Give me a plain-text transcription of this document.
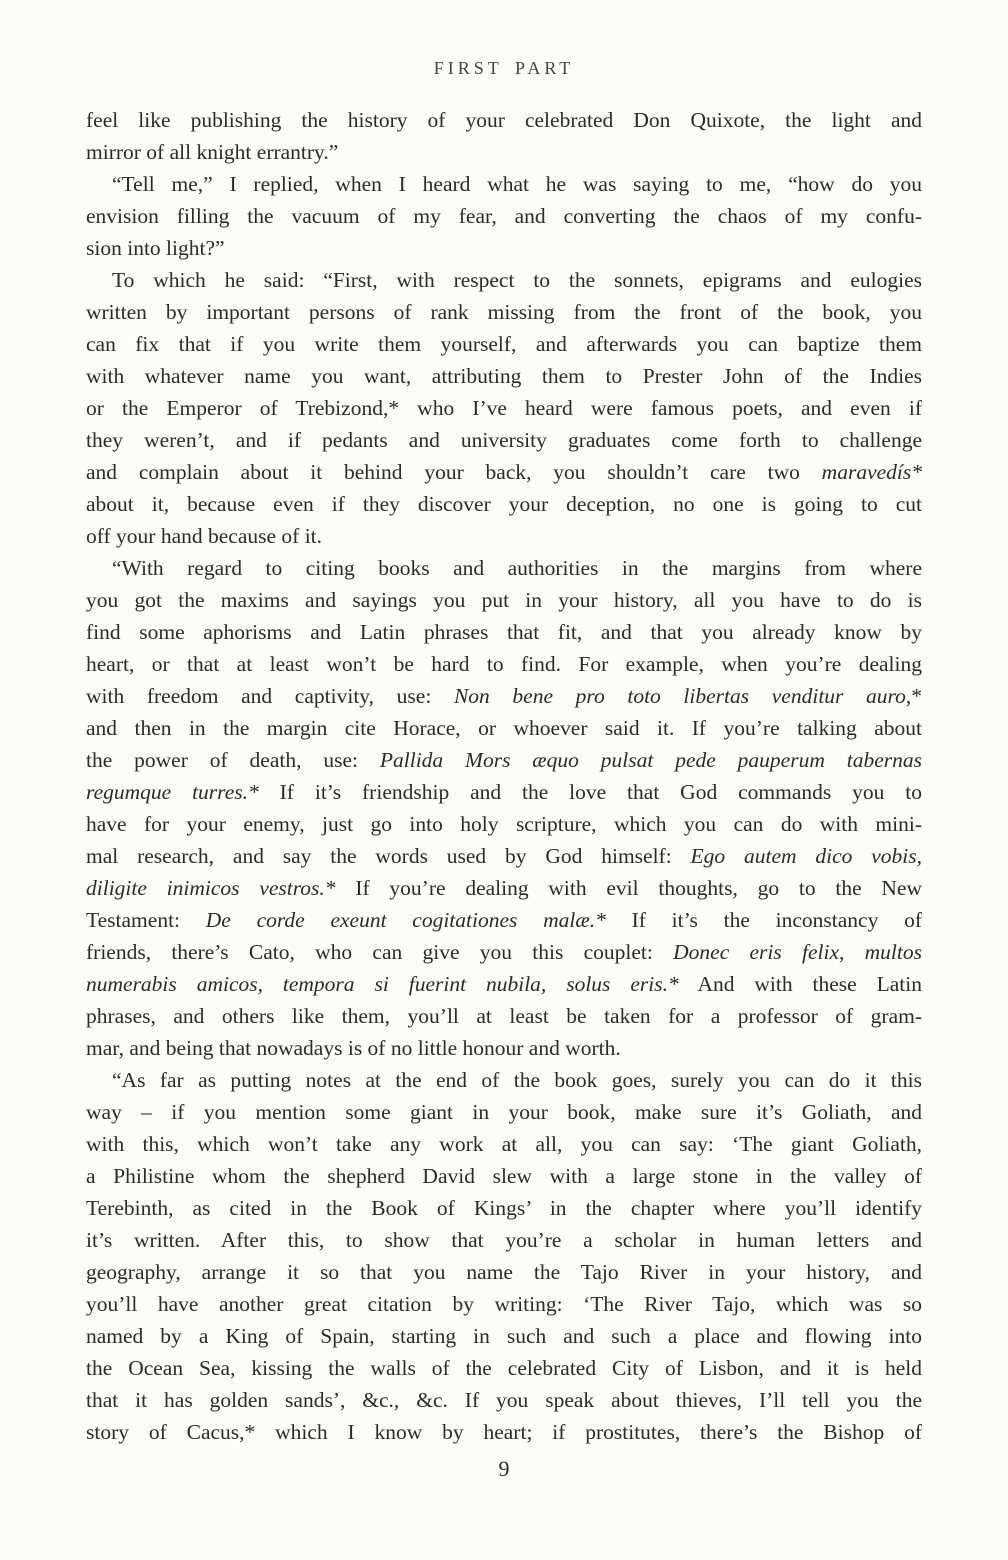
FIRST PART
feel like publishing the history of your celebrated Don Quixote, the light and
mirror of all knight errantry.”
“Tell me,” I replied, when I heard what he was saying to me, “how do you
envision filling the vacuum of my fear, and converting the chaos of my confu-
sion into light?”
To which he said: “First, with respect to the sonnets, epigrams and eulogies
written by important persons of rank missing from the front of the book, you
can fix that if you write them yourself, and afterwards you can baptize them
with whatever name you want, attributing them to Prester John of the Indies
or the Emperor of Trebizond,* who I’ve heard were famous poets, and even if
they weren’t, and if pedants and university graduates come forth to challenge
and complain about it behind your back, you shouldn’t care two maravedís*
about it, because even if they discover your deception, no one is going to cut
off your hand because of it.
“With regard to citing books and authorities in the margins from where
you got the maxims and sayings you put in your history, all you have to do is
find some aphorisms and Latin phrases that fit, and that you already know by
heart, or that at least won’t be hard to find. For example, when you’re dealing
with freedom and captivity, use: Non bene pro toto libertas venditur auro,*
and then in the margin cite Horace, or whoever said it. If you’re talking about
the power of death, use: Pallida Mors æquo pulsat pede pauperum tabernas
regumque turres.* If it’s friendship and the love that God commands you to
have for your enemy, just go into holy scripture, which you can do with mini-
mal research, and say the words used by God himself: Ego autem dico vobis,
diligite inimicos vestros.* If you’re dealing with evil thoughts, go to the New
Testament: De corde exeunt cogitationes malæ.* If it’s the inconstancy of
friends, there’s Cato, who can give you this couplet: Donec eris felix, multos
numerabis amicos, tempora si fuerint nubila, solus eris.* And with these Latin
phrases, and others like them, you’ll at least be taken for a professor of gram-
mar, and being that nowadays is of no little honour and worth.
“As far as putting notes at the end of the book goes, surely you can do it this
way – if you mention some giant in your book, make sure it’s Goliath, and
with this, which won’t take any work at all, you can say: ‘The giant Goliath,
a Philistine whom the shepherd David slew with a large stone in the valley of
Terebinth, as cited in the Book of Kings’ in the chapter where you’ll identify
it’s written. After this, to show that you’re a scholar in human letters and
geography, arrange it so that you name the Tajo River in your history, and
you’ll have another great citation by writing: ‘The River Tajo, which was so
named by a King of Spain, starting in such and such a place and flowing into
the Ocean Sea, kissing the walls of the celebrated City of Lisbon, and it is held
that it has golden sands’, &c., &c. If you speak about thieves, I’ll tell you the
story of Cacus,* which I know by heart; if prostitutes, there’s the Bishop of
9
